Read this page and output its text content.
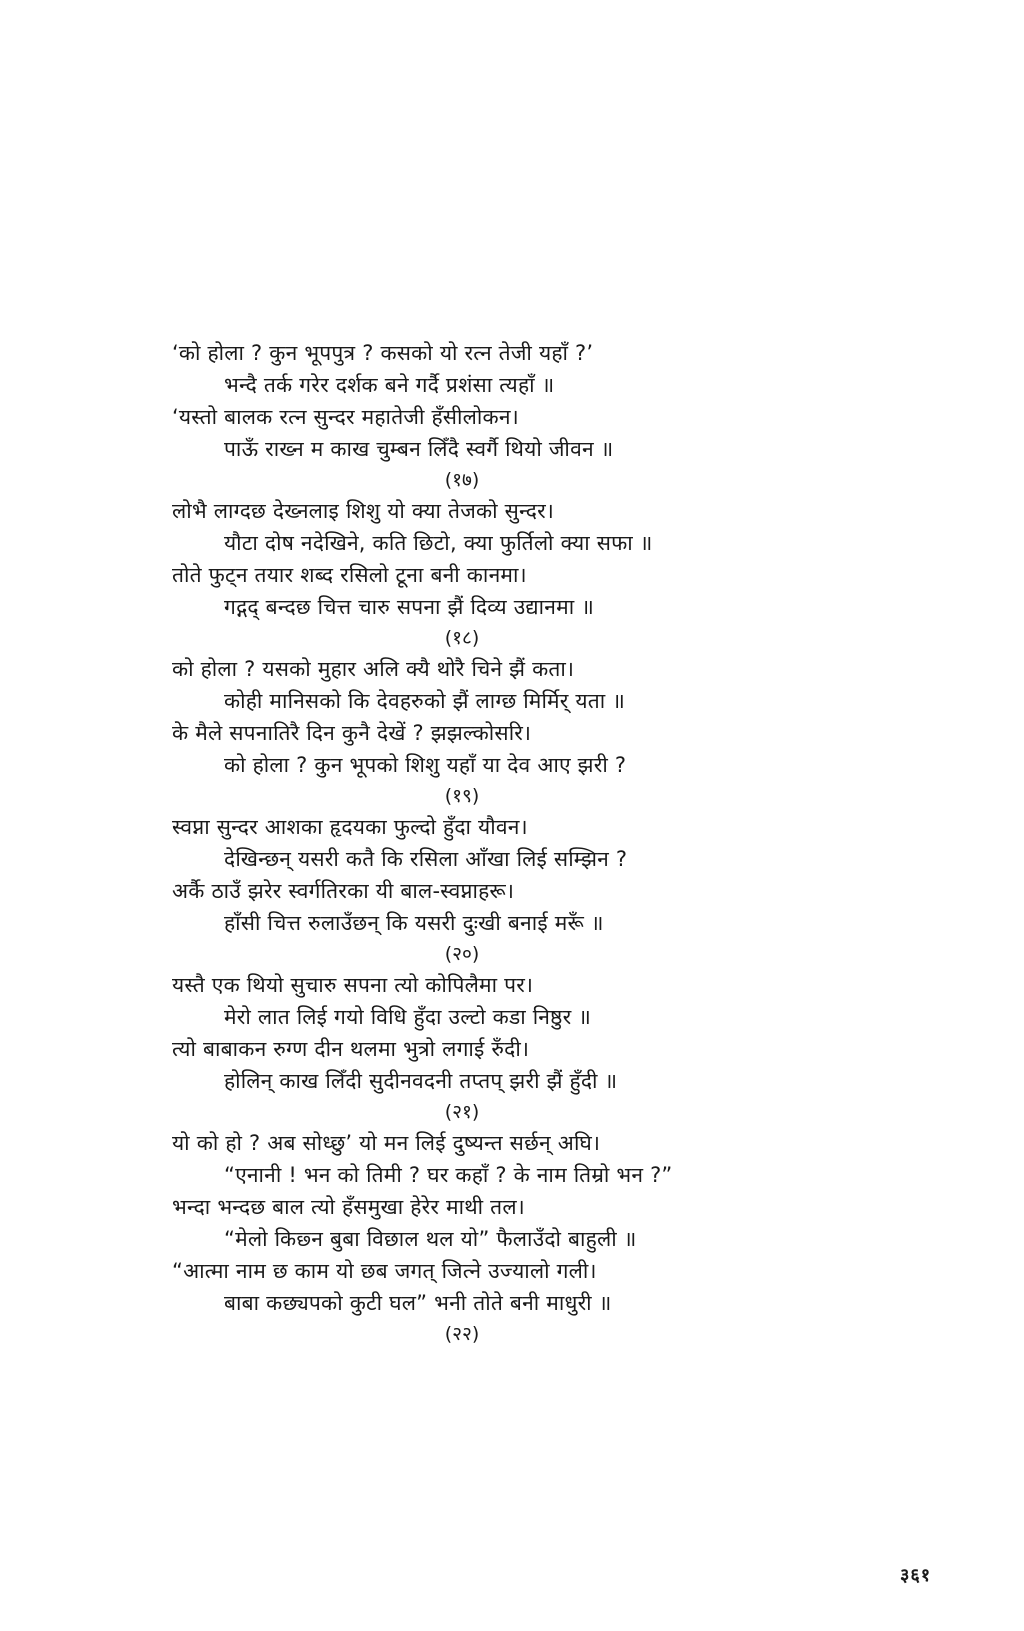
‘को होला ? कुन भूपपुत्र ? कसको यो रत्न तेजी यहाँ ?’
भन्दै तर्क गरेर दर्शक बने गर्दै प्रशंसा त्यहाँ ॥
‘यस्तो बालक रत्न सुन्दर महातेजी हँसीलोकन।
पाऊँ राख्न म काख चुम्बन लिँदै स्वर्गै थियो जीवन ॥
(१७)
लोभै लाग्दछ देख्नलाइ शिशु यो क्या तेजको सुन्दर।
यौटा दोष नदेखिने, कति छिटो, क्या फुर्तिलो क्या सफा ॥
तोते फुट्न तयार शब्द रसिलो टूना बनी कानमा।
गद्गद् बन्दछ चित्त चारु सपना झैं दिव्य उद्यानमा ॥
(१८)
को होला ? यसको मुहार अलि क्यै थोरै चिने झैं कता।
कोही मानिसको कि देवहरुको झैं लाग्छ मिर्मिर् यता ॥
के मैले सपनातिरै दिन कुनै देखें ? झझल्कोसरि।
को होला ? कुन भूपको शिशु यहाँ या देव आए झरी ?
(१९)
स्वप्ना सुन्दर आशका हृदयका फुल्दो हुँदा यौवन।
देखिन्छन् यसरी कतै कि रसिला आँखा लिई सम्झिन ?
अर्कै ठाउँ झरेर स्वर्गतिरका यी बाल-स्वप्नाहरू।
हाँसी चित्त रुलाउँछन् कि यसरी दुःखी बनाई मरूँ ॥
(२०)
यस्तै एक थियो सुचारु सपना त्यो कोपिलैमा पर।
मेरो लात लिई गयो विधि हुँदा उल्टो कडा निष्ठुर ॥
त्यो बाबाकन रुग्ण दीन थलमा भुत्रो लगाई रुँदी।
होलिन् काख लिँदी सुदीनवदनी तप्तप् झरी झैं हुँदी ॥
(२१)
यो को हो ? अब सोध्छु’ यो मन लिई दुष्यन्त सर्छन् अघि।
“एनानी ! भन को तिमी ? घर कहाँ ? के नाम तिम्रो भन ?”
भन्दा भन्दछ बाल त्यो हँसमुखा हेरेर माथी तल।
“मेलो किछ्न बुबा विछाल थल यो” फैलाउँदो बाहुली ॥
“आत्मा नाम छ काम यो छब जगत् जित्ने उज्यालो गली।
बाबा कछ्यपको कुटी घल” भनी तोते बनी माधुरी ॥
(२२)
३६१
